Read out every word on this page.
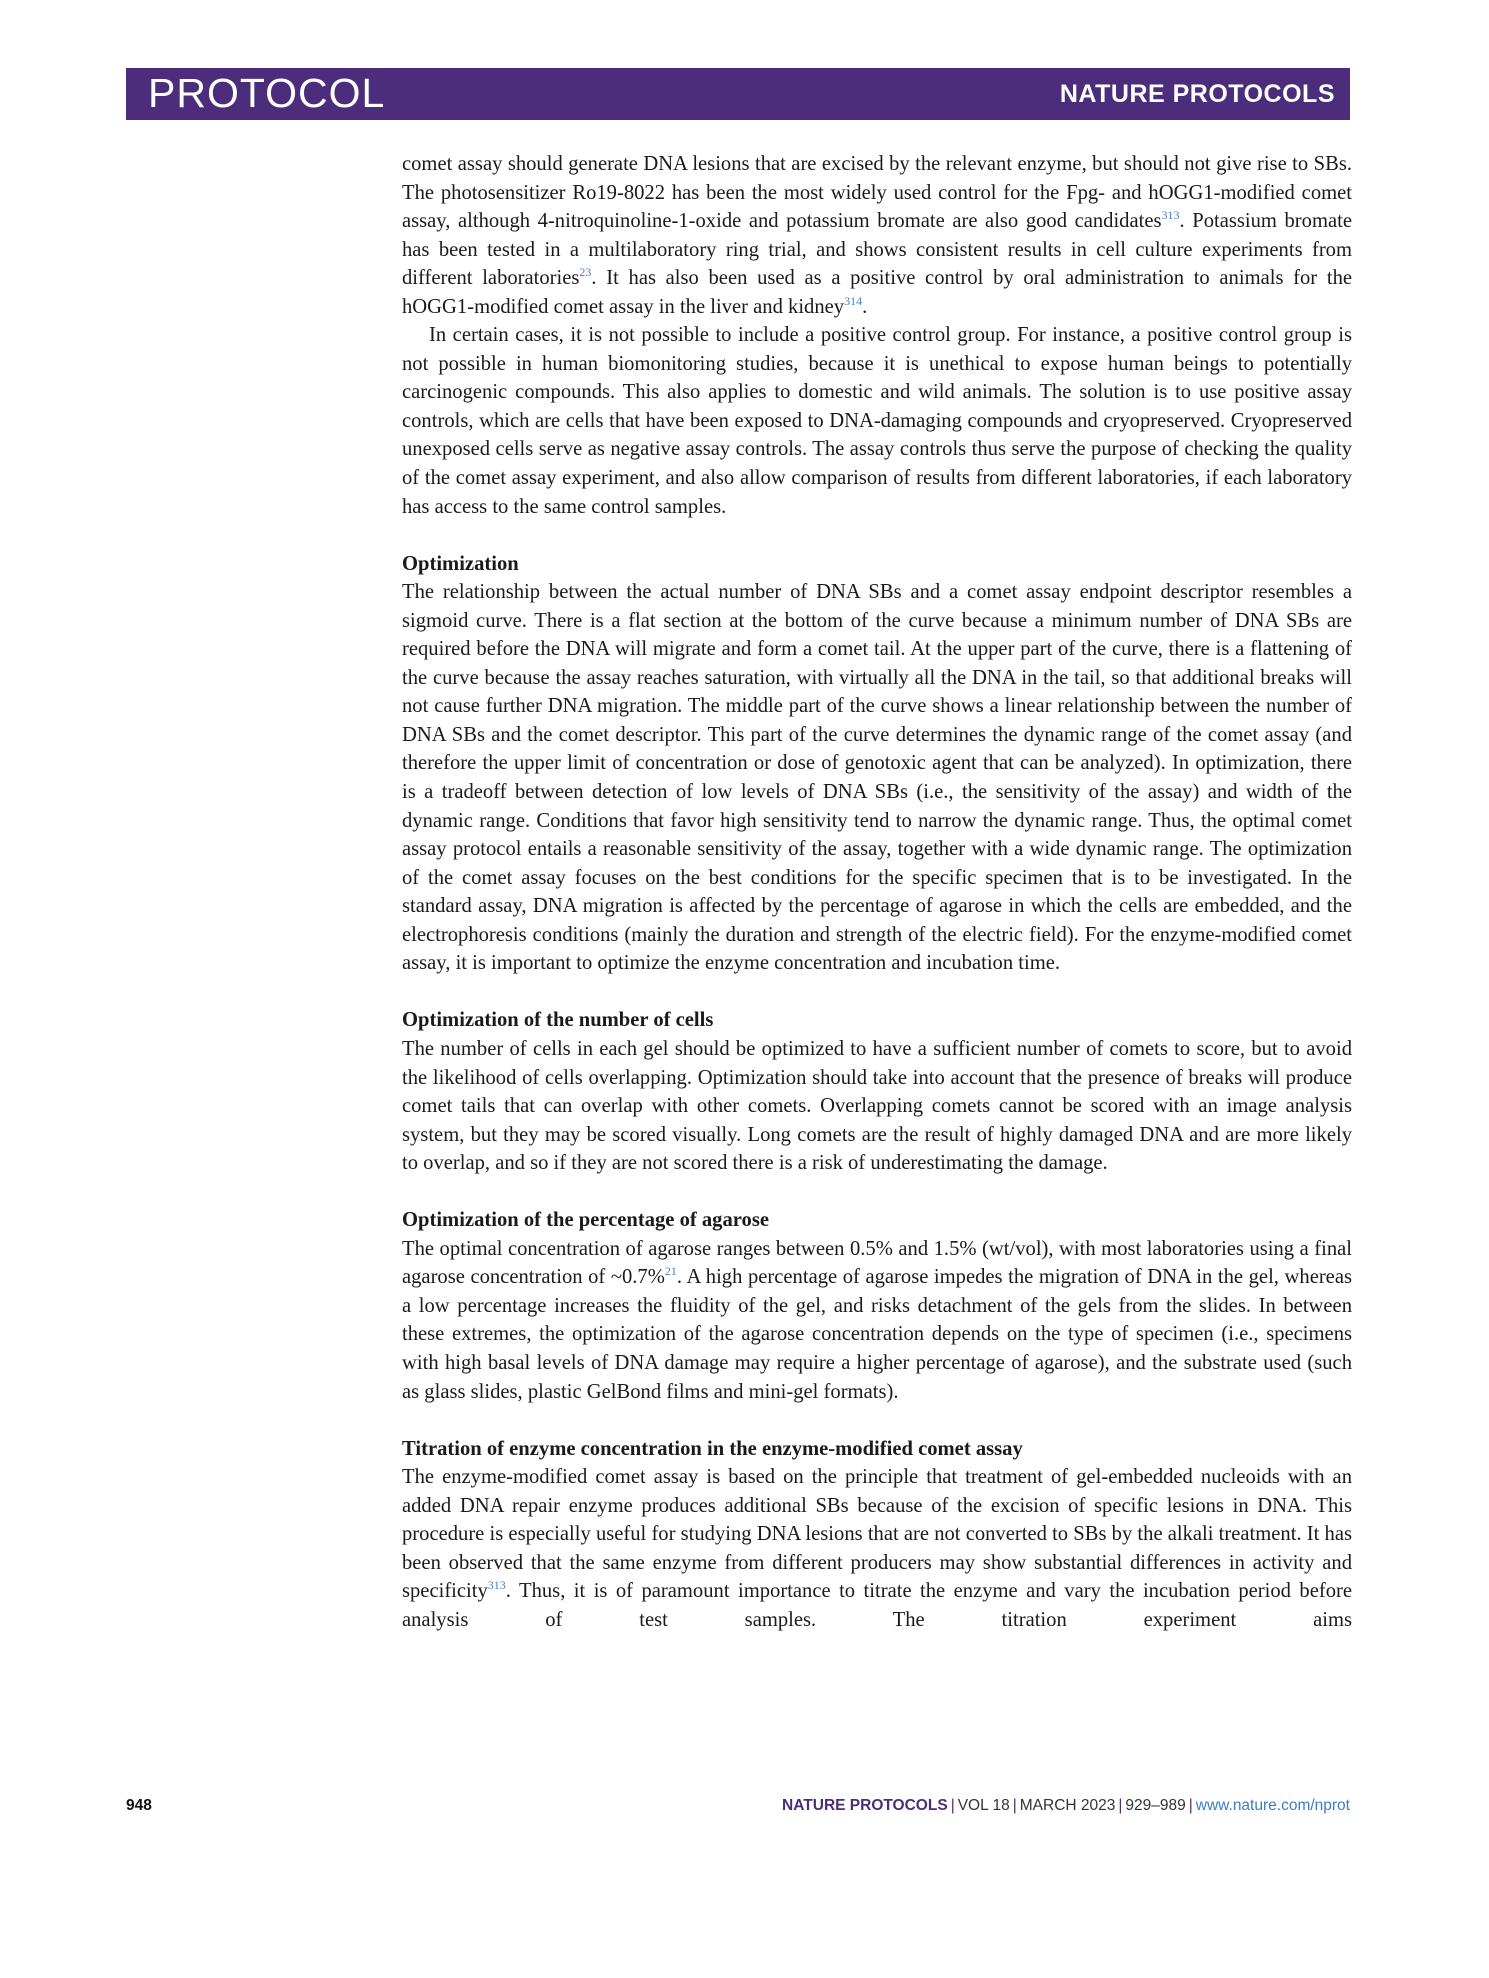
PROTOCOL	NATURE PROTOCOLS

comet assay should generate DNA lesions that are excised by the relevant enzyme, but should not give rise to SBs. The photosensitizer Ro19-8022 has been the most widely used control for the Fpg- and hOGG1-modified comet assay, although 4-nitroquinoline-1-oxide and potassium bromate are also good candidates$^{313}$. Potassium bromate has been tested in a multilaboratory ring trial, and shows consistent results in cell culture experiments from different laboratories$^{23}$. It has also been used as a positive control by oral administration to animals for the hOGG1-modified comet assay in the liver and kidney$^{314}$.

In certain cases, it is not possible to include a positive control group. For instance, a positive control group is not possible in human biomonitoring studies, because it is unethical to expose human beings to potentially carcinogenic compounds. This also applies to domestic and wild animals. The solution is to use positive assay controls, which are cells that have been exposed to DNA-damaging compounds and cryopreserved. Cryopreserved unexposed cells serve as negative assay controls. The assay controls thus serve the purpose of checking the quality of the comet assay experiment, and also allow comparison of results from different laboratories, if each laboratory has access to the same control samples.

Optimization

The relationship between the actual number of DNA SBs and a comet assay endpoint descriptor resembles a sigmoid curve. There is a flat section at the bottom of the curve because a minimum number of DNA SBs are required before the DNA will migrate and form a comet tail. At the upper part of the curve, there is a flattening of the curve because the assay reaches saturation, with virtually all the DNA in the tail, so that additional breaks will not cause further DNA migration. The middle part of the curve shows a linear relationship between the number of DNA SBs and the comet descriptor. This part of the curve determines the dynamic range of the comet assay (and therefore the upper limit of concentration or dose of genotoxic agent that can be analyzed). In optimization, there is a tradeoff between detection of low levels of DNA SBs (i.e., the sensitivity of the assay) and width of the dynamic range. Conditions that favor high sensitivity tend to narrow the dynamic range. Thus, the optimal comet assay protocol entails a reasonable sensitivity of the assay, together with a wide dynamic range. The optimization of the comet assay focuses on the best conditions for the specific specimen that is to be investigated. In the standard assay, DNA migration is affected by the percentage of agarose in which the cells are embedded, and the electrophoresis conditions (mainly the duration and strength of the electric field). For the enzyme-modified comet assay, it is important to optimize the enzyme concentration and incubation time.

Optimization of the number of cells

The number of cells in each gel should be optimized to have a sufficient number of comets to score, but to avoid the likelihood of cells overlapping. Optimization should take into account that the presence of breaks will produce comet tails that can overlap with other comets. Overlapping comets cannot be scored with an image analysis system, but they may be scored visually. Long comets are the result of highly damaged DNA and are more likely to overlap, and so if they are not scored there is a risk of underestimating the damage.

Optimization of the percentage of agarose

The optimal concentration of agarose ranges between 0.5% and 1.5% (wt/vol), with most laboratories using a final agarose concentration of ~0.7%$^{21}$. A high percentage of agarose impedes the migration of DNA in the gel, whereas a low percentage increases the fluidity of the gel, and risks detachment of the gels from the slides. In between these extremes, the optimization of the agarose concentration depends on the type of specimen (i.e., specimens with high basal levels of DNA damage may require a higher percentage of agarose), and the substrate used (such as glass slides, plastic GelBond films and mini-gel formats).

Titration of enzyme concentration in the enzyme-modified comet assay

The enzyme-modified comet assay is based on the principle that treatment of gel-embedded nucleoids with an added DNA repair enzyme produces additional SBs because of the excision of specific lesions in DNA. This procedure is especially useful for studying DNA lesions that are not converted to SBs by the alkali treatment. It has been observed that the same enzyme from different producers may show substantial differences in activity and specificity$^{313}$. Thus, it is of paramount importance to titrate the enzyme and vary the incubation period before analysis of test samples. The titration experiment aims

948	NATURE PROTOCOLS | VOL 18 | MARCH 2023 | 929–989 | www.nature.com/nprot
